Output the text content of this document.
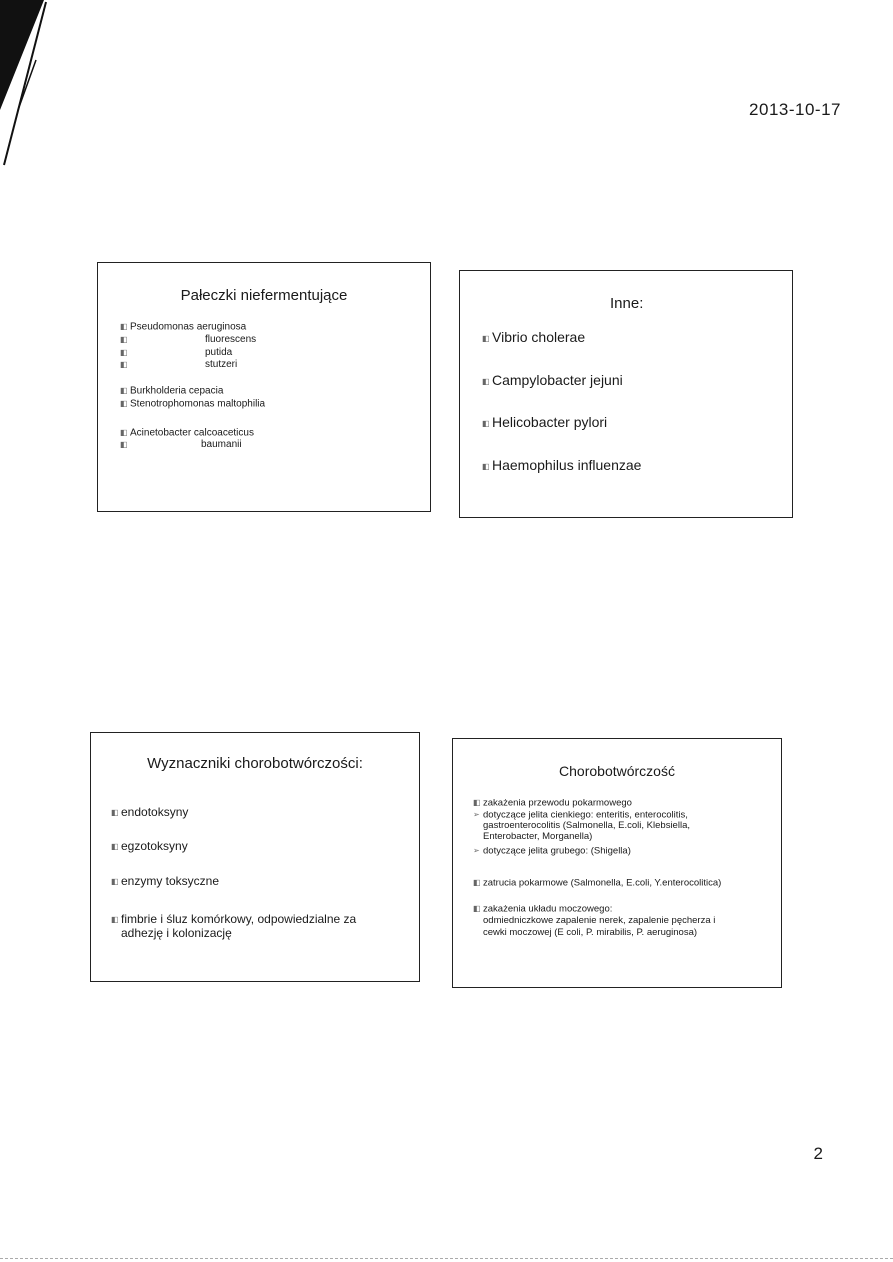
2013-10-17
Pałeczki niefermentujące
◧ Pseudomonas aeruginosa
◧	fluorescens
◧	putida
◧	stutzeri
◧ Burkholderia cepacia
◧ Stenotrophomonas maltophilia
◧ Acinetobacter calcoaceticus
◧	baumanii
Inne:
◧ Vibrio cholerae
◧ Campylobacter jejuni
◧ Helicobacter pylori
◧ Haemophilus influenzae
Wyznaczniki chorobotwórczości:
◧ endotoksyny
◧ egzotoksyny
◧ enzymy toksyczne
◧ fimbrie i śluz komórkowy, odpowiedzialne za
adhezję i kolonizację
Chorobotwórczość
◧ zakażenia przewodu pokarmowego
➢ dotyczące jelita cienkiego: enteritis, enterocolitis,
gastroenterocolitis (Salmonella, E.coli, Klebsiella,
Enterobacter, Morganella)
➢ dotyczące jelita grubego: (Shigella)
◧ zatrucia pokarmowe (Salmonella, E.coli, Y.enterocolitica)
◧ zakażenia układu moczowego:
odmiedniczkowe zapalenie nerek, zapalenie pęcherza i
cewki moczowej (E coli, P. mirabilis, P. aeruginosa)
2
